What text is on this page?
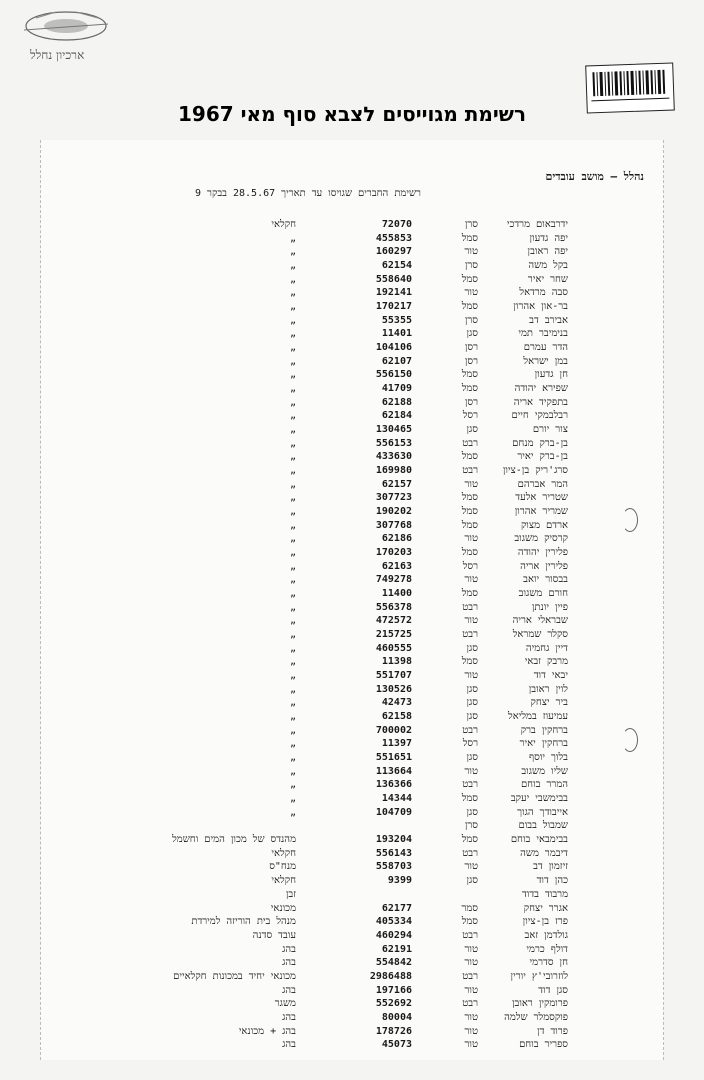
ארכיון נחלל
רשימת מגוייסים לצבא סוף מאי 1967
נהלל – מושב עובדים
רשימת החברים שגויסו עד תאריך 28.5.67 בבקר 9
ידרבאום מרדכי
סרן
72070
חקלאי
יפה גדעון
סמל
455853
„
יפה ראובן
טור
160297
„
בקל משה
סרן
62154
„
שחר יאיר
סמל
558640
„
סבה מרדאל
טור
192141
„
בר-און אהרון
סמל
170217
„
אבירב דב
סרן
55355
„
בנימיבר תמי
סגן
11401
„
הדר עמרם
רסן
104106
„
במן ישראל
רסן
62107
„
חן גדעון
סמל
556150
„
שפירא יהודה
סמל
41709
„
בתפקיד אריה
רסן
62188
„
רבלבמקי חיים
רסל
62184
„
צור יורם
סגן
130465
„
בן-ברק מנחם
רבט
556153
„
בן-ברק יאיר
סמל
433630
„
סרג'ריק בן-ציון
רבט
169980
„
המר אברהם
טור
62157
„
שטריר אלעד
סמל
307723
„
שמריר אהרון
סמל
190202
„
ארדם מצוק
סמל
307768
„
קרסיק משגוב
טור
62186
„
פלירין יהודה
סמל
170203
„
פלירין אריה
רסל
62163
„
בבסור יואב
טור
749278
„
חורם משגוב
סמל
11400
„
פיין יונתן
רבט
556378
„
שבראלי אריה
טור
472572
„
סקלר שמראל
רבט
215725
„
דיין גחמיה
סגן
460555
„
מרבק זבאי
סמל
11398
„
יבאי דוד
טור
551707
„
לוין ראובן
סגן
130526
„
ביר יצחק
סגן
42473
„
עמיעוז במליאל
סגן
62158
„
ברחקין ברק
רבט
700002
„
ברחקין יאיר
רסל
11397
„
בלוך יוסף
סגן
551651
„
שליו משגוב
טור
113664
„
המרר בוחם
רבט
136366
„
בבימשבי יעקב
סמל
14344
„
אייבודך הגוך
סגן
104709
„
שמבול בבום
סרן
בבימבאי בוחם
סמל
193204
מהנדס של מכון המים וחשמל
דיבמר משה
רבט
556143
חקלאי
זיזמון דב
טור
558703
מנח"ס
כהן דוד
סגן
9399
חקלאי
מרבוד בדוד
זבן
אגרר יצחק
סמר
62177
מכונאי
פרז בן-ציון
סמל
405334
מנהל בית הוריזה למירדת
גולדמן זאב
רבט
460294
עובד סדנה
דולף כרמי
טור
62191
בהג
חן סדרמי
טור
554842
בהג
לוזרובי'ץ יורין
רבט
2986488
מכונאי יחיד במכונות חקלאיים
סגן דוד
טור
197166
בהג
פרומקין ראובן
רבט
552692
משגר
פוקסמלר שלמה
טור
80004
בהג
פרוד דן
טור
178726
בהג + מכונאי
ספריר בוחם
טור
45073
בהג
